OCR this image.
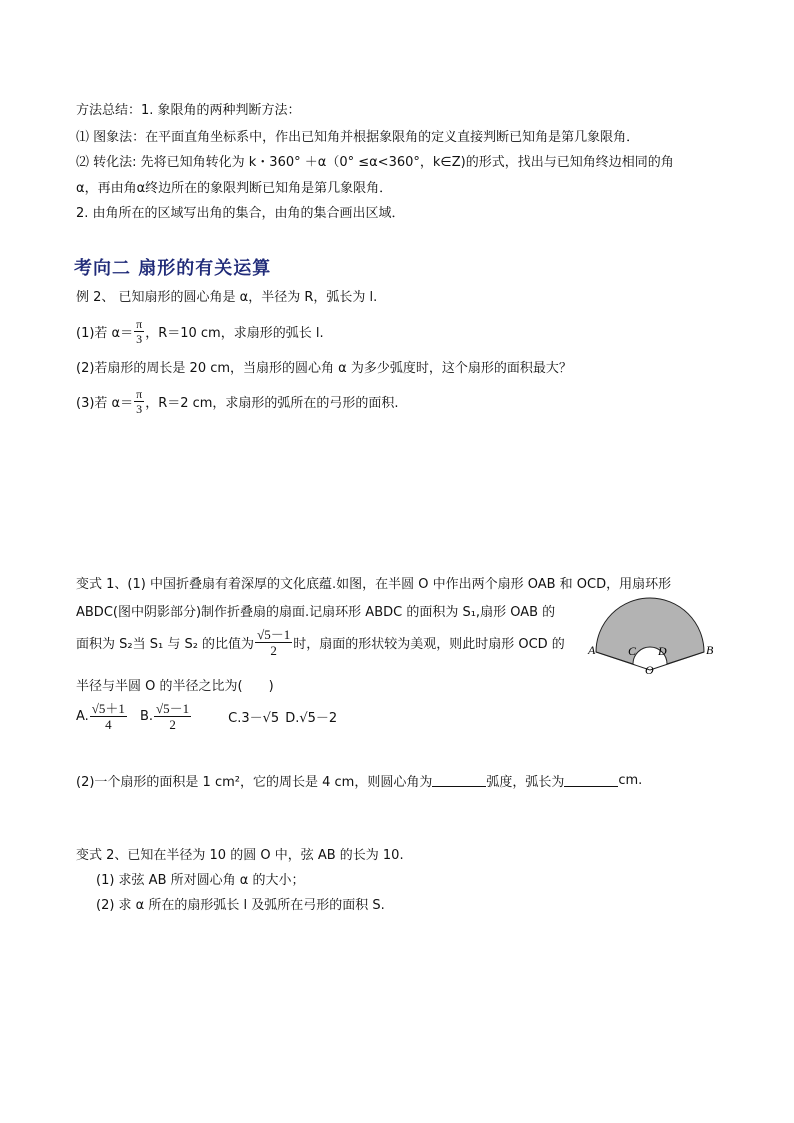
方法总结：1. 象限角的两种判断方法：
⑴ 图象法：在平面直角坐标系中，作出已知角并根据象限角的定义直接判断已知角是第几象限角．
⑵ 转化法: 先将已知角转化为 k・360° ＋α（0° ≤α<360°，k∈Z)的形式，找出与已知角终边相同的角
α，再由角α终边所在的象限判断已知角是第几象限角．
2. 由角所在的区域写出角的集合，由角的集合画出区域．
考向二 扇形的有关运算
例 2、 已知扇形的圆心角是 α，半径为 R，弧长为 l.
(1)若 $\alpha= \frac{\pi}{3}$ ，R＝10 cm，求扇形的弧长 l.
(2)若扇形的周长是 20 cm，当扇形的圆心角 α 为多少弧度时，这个扇形的面积最大？
(3)若 $\alpha= \frac{\pi}{3}$ ，R＝2 cm，求扇形的弧所在的弓形的面积.
变式 1、(1) 中国折叠扇有着深厚的文化底蕴.如图，在半圆 O 中作出两个扇形 OAB 和 OCD，用扇环形
ABDC(图中阴影部分)制作折叠扇的扇面.记扇环形 ABDC 的面积为 S₁,扇形 OAB 的
面积为 S₂当 S₁ 与 S₂ 的比值为 $\frac{√5-1}{2}$ 时，扇面的形状较为美观，则此时扇形 OCD 的
半径与半圆 O 的半径之比为(　　)
A. $\frac{√5+1}{4} B$. $\frac{√5-1}{2}$	C.3－√5 D.√5－2
A	B
C D
O
(2)一个扇形的面积是 1 cm²，它的周长是 4 cm，则圆心角为	弧度，弧长为	cm.
变式 2、已知在半径为 10 的圆 O 中，弦 AB 的长为 10.
(1) 求弦 AB 所对圆心角 α 的大小；
(2) 求 α 所在的扇形弧长 l 及弧所在弓形的面积 S.
